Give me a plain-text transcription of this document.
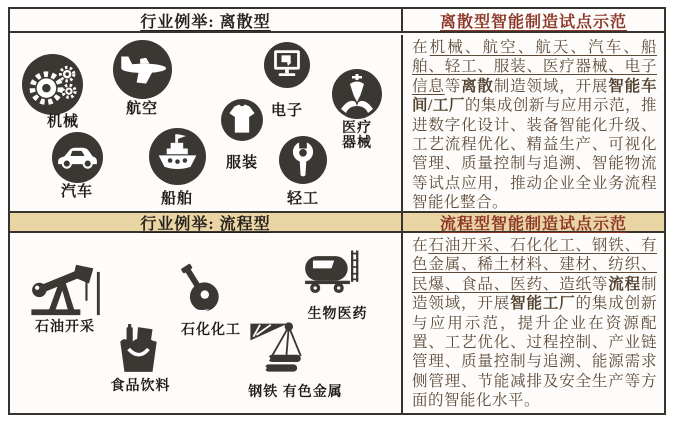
行业例举: 离散型	离散型智能制造试点示范
机械
航空	电子
医疗器械
服装
汽车	船舶	轻工

在机械、航空、航天、汽车、船舶、轻工、服装、医疗器械、电子信息等离散制造领域，开展智能车间/工厂的集成创新与应用示范，推进数字化设计、装备智能化升级、工艺流程优化、精益生产、可视化管理、质量控制与追溯、智能物流等试点应用，推动企业全业务流程智能化整合。

行业例举: 流程型	流程型智能制造试点示范
石油开采	石化化工
生物医药
食品饮料	钢铁 有色金属

在石油开采、石化化工、钢铁、有色金属、稀土材料、建材、纺织、民爆、食品、医药、造纸等流程制造领域，开展智能工厂的集成创新与应用示范，提升企业在资源配置、工艺优化、过程控制、产业链管理、质量控制与追溯、能源需求侧管理、节能减排及安全生产等方面的智能化水平。
